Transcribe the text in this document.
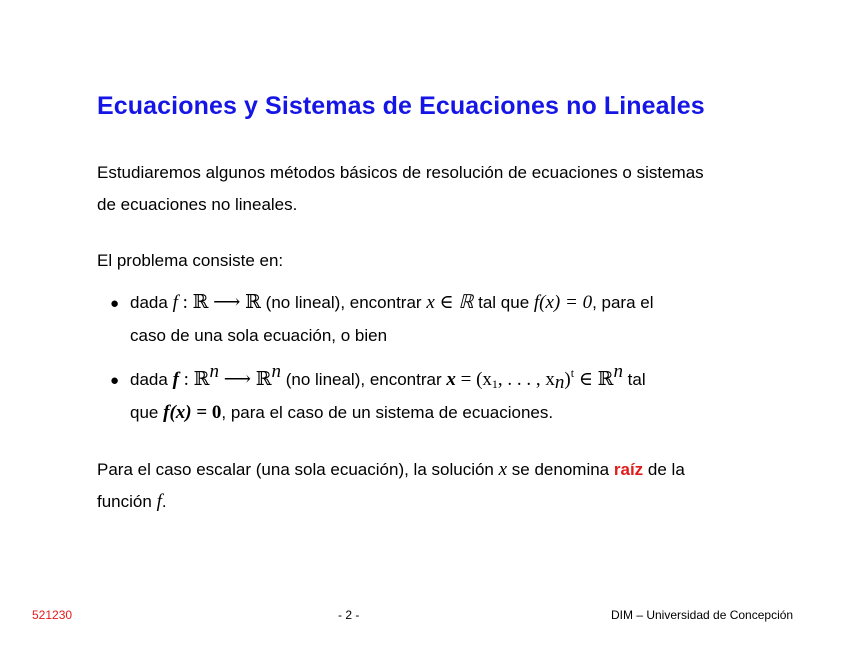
Ecuaciones y Sistemas de Ecuaciones no Lineales

Estudiaremos algunos métodos básicos de resolución de ecuaciones o sistemas
de ecuaciones no lineales.

El problema consiste en:

● dada f : ℝ ⟶ ℝ (no lineal), encontrar x ∈ ℝ tal que f(x) = 0, para el
caso de una sola ecuación, o bien
● dada f : ℝ$^n$ ⟶ ℝ$^n$ (no lineal), encontrar $x = (x_1$, . . . , $x_n)^t$ ∈ ℝ$^n$ tal
que f(x) = 0, para el caso de un sistema de ecuaciones.

Para el caso escalar (una sola ecuación), la solución x se denomina raíz de la
función f.

521230	- 2 -	DIM – Universidad de Concepción
